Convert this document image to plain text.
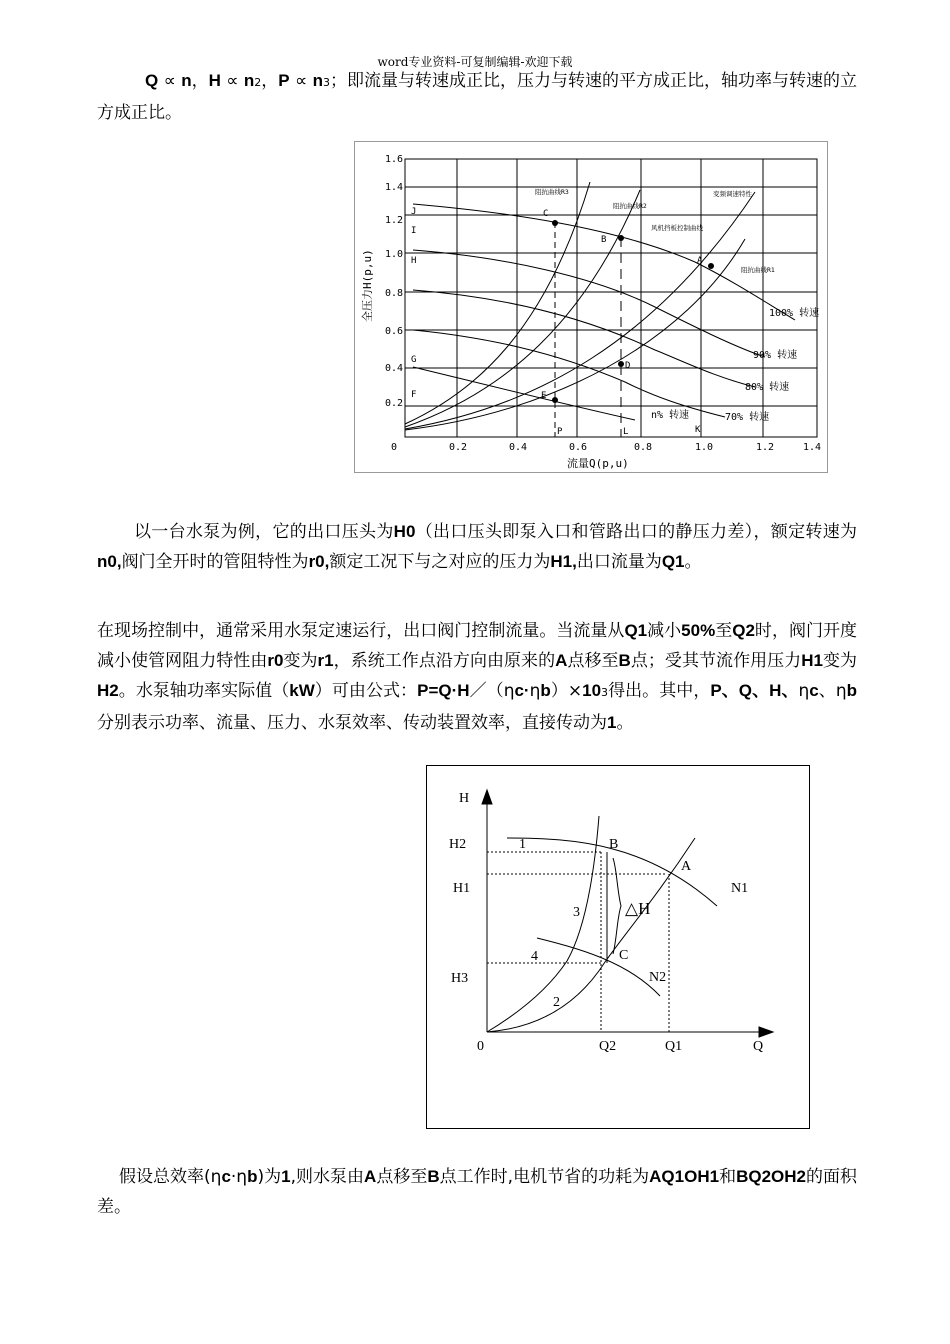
word专业资料-可复制编辑-欢迎下载

Q ∝ n，H ∝ n2，P ∝ n3；即流量与转速成正比，压力与转速的平方成正比，轴功率与转速的立方成正比。

1.6
1.4
1.2
1.0
0.8
0.6
0.4
0.2
0	0.2	0.4	0.6	0.8	1.0	1.2	1.4
流量Q(p,u)
全压力H(p,u)
J
I
H
G
F
C
B
A
D
E
K
P	L
阻抗曲线R3
阻抗曲线R2
变频调速特性
风机挡板控制曲线
阻抗曲线R1
100% 转速
90% 转速
80% 转速
70% 转速
n% 转速

以一台水泵为例，它的出口压头为H0（出口压头即泵入口和管路出口的静压力差），额定转速为n0,阀门全开时的管阻特性为r0,额定工况下与之对应的压力为H1,出口流量为Q1。

在现场控制中，通常采用水泵定速运行，出口阀门控制流量。当流量从Q1减小50%至Q2时，阀门开度减小使管网阻力特性由r0变为r1，系统工作点沿方向由原来的A点移至B点；受其节流作用压力H1变为H2。水泵轴功率实际值（kW）可由公式：P=Q·H／（ηc·ηb）×103得出。其中，P、Q、H、ηc、ηb分别表示功率、流量、压力、水泵效率、传动装置效率，直接传动为1。

H
Q
0
H2
H1
H3
Q2	Q1
B
A
C
N1
N2
1
2
3
4
△H

假设总效率(ηc·ηb)为1,则水泵由A点移至B点工作时,电机节省的功耗为AQ1OH1和BQ2OH2的面积差。
